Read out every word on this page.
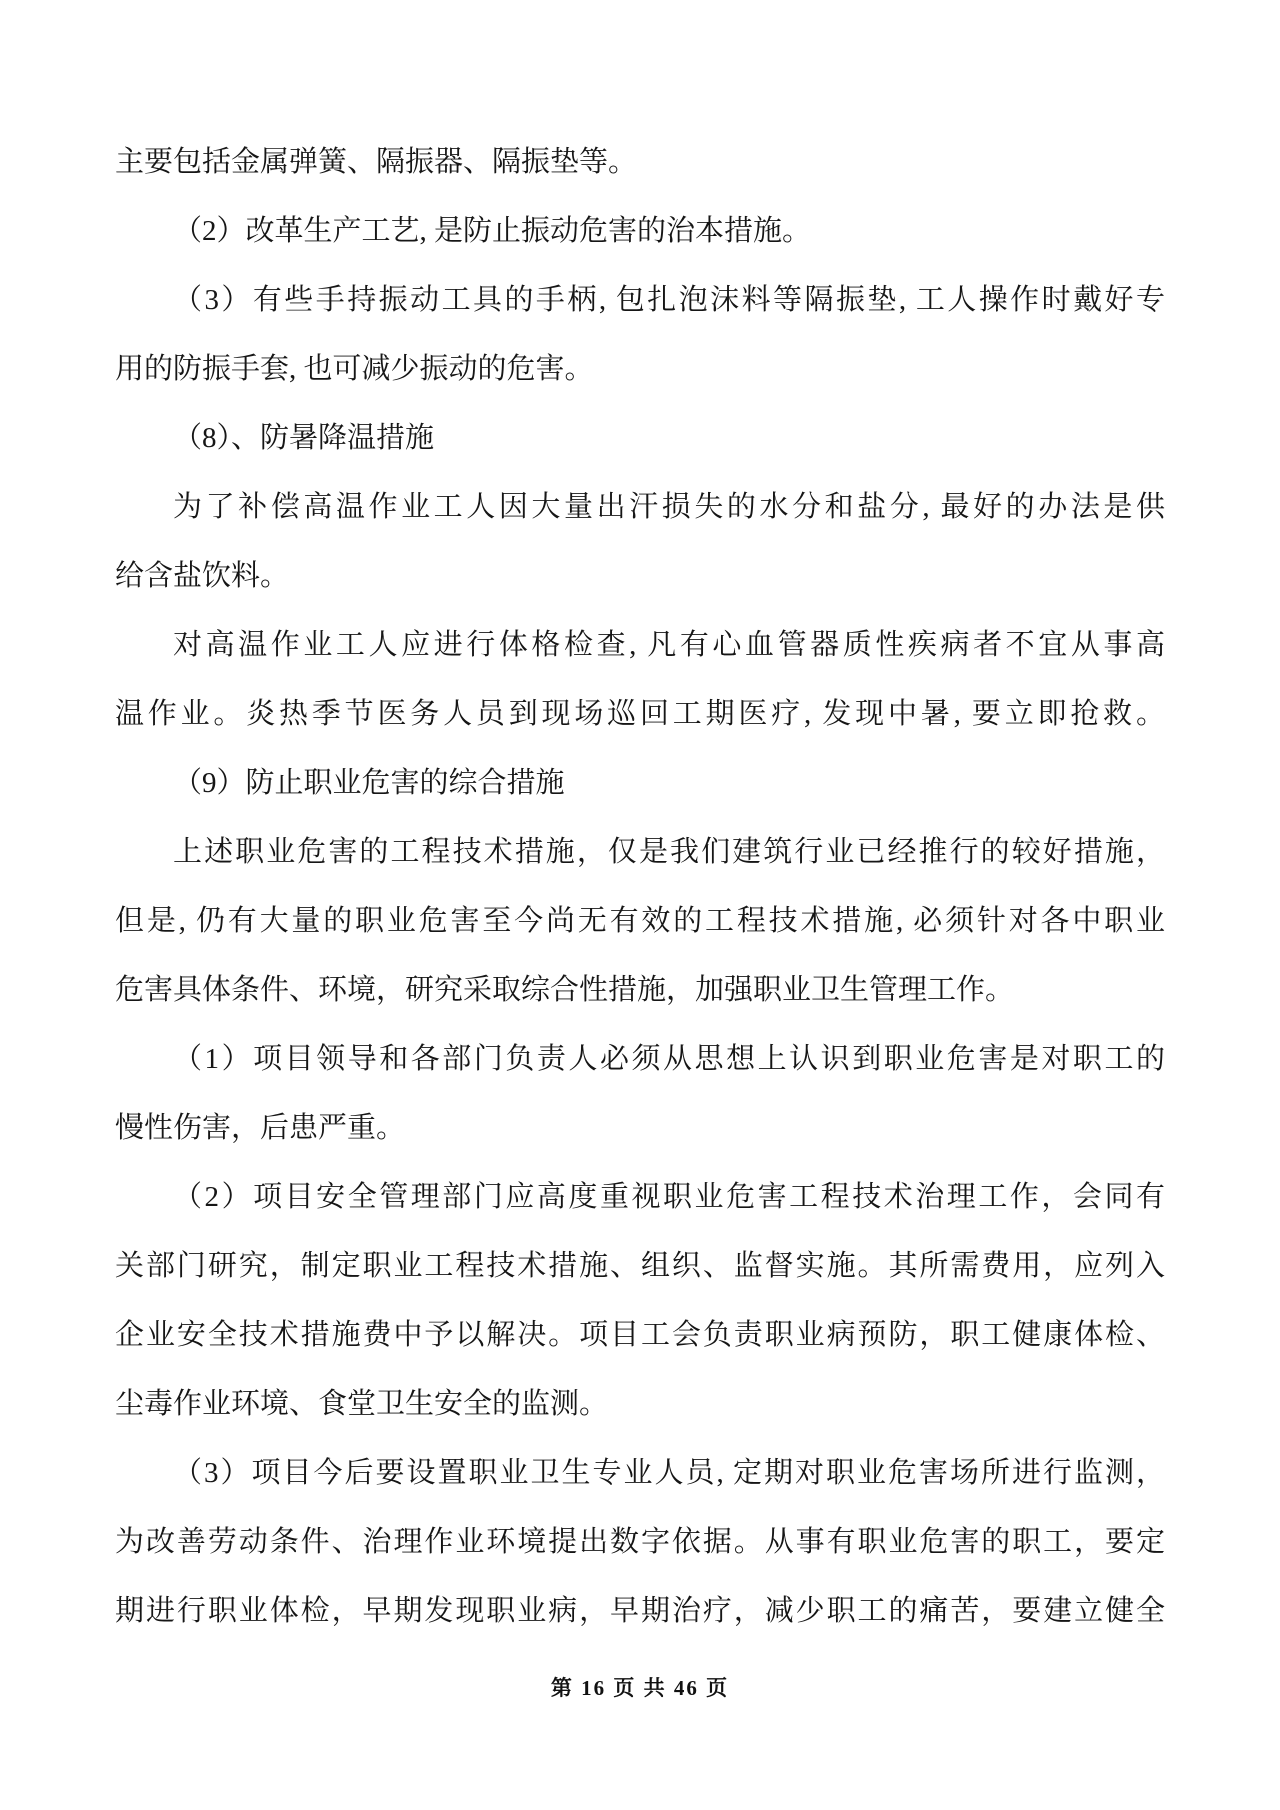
主要包括金属弹簧、隔振器、隔振垫等。
（2）改革生产工艺, 是防止振动危害的治本措施。
（3）有些手持振动工具的手柄, 包扎泡沫料等隔振垫, 工人操作时戴好专
用的防振手套, 也可减少振动的危害。
（8）、防暑降温措施
为了补偿高温作业工人因大量出汗损失的水分和盐分, 最好的办法是供
给含盐饮料。
对高温作业工人应进行体格检查, 凡有心血管器质性疾病者不宜从事高
温作业。炎热季节医务人员到现场巡回工期医疗, 发现中暑, 要立即抢救。
（9）防止职业危害的综合措施
上述职业危害的工程技术措施，仅是我们建筑行业已经推行的较好措施，
但是, 仍有大量的职业危害至今尚无有效的工程技术措施, 必须针对各中职业
危害具体条件、环境，研究采取综合性措施，加强职业卫生管理工作。
（1）项目领导和各部门负责人必须从思想上认识到职业危害是对职工的
慢性伤害，后患严重。
（2）项目安全管理部门应高度重视职业危害工程技术治理工作，会同有
关部门研究，制定职业工程技术措施、组织、监督实施。其所需费用，应列入
企业安全技术措施费中予以解决。项目工会负责职业病预防，职工健康体检、
尘毒作业环境、食堂卫生安全的监测。
（3）项目今后要设置职业卫生专业人员, 定期对职业危害场所进行监测，
为改善劳动条件、治理作业环境提出数字依据。从事有职业危害的职工，要定
期进行职业体检，早期发现职业病，早期治疗，减少职工的痛苦，要建立健全
第 16 页 共 46 页
